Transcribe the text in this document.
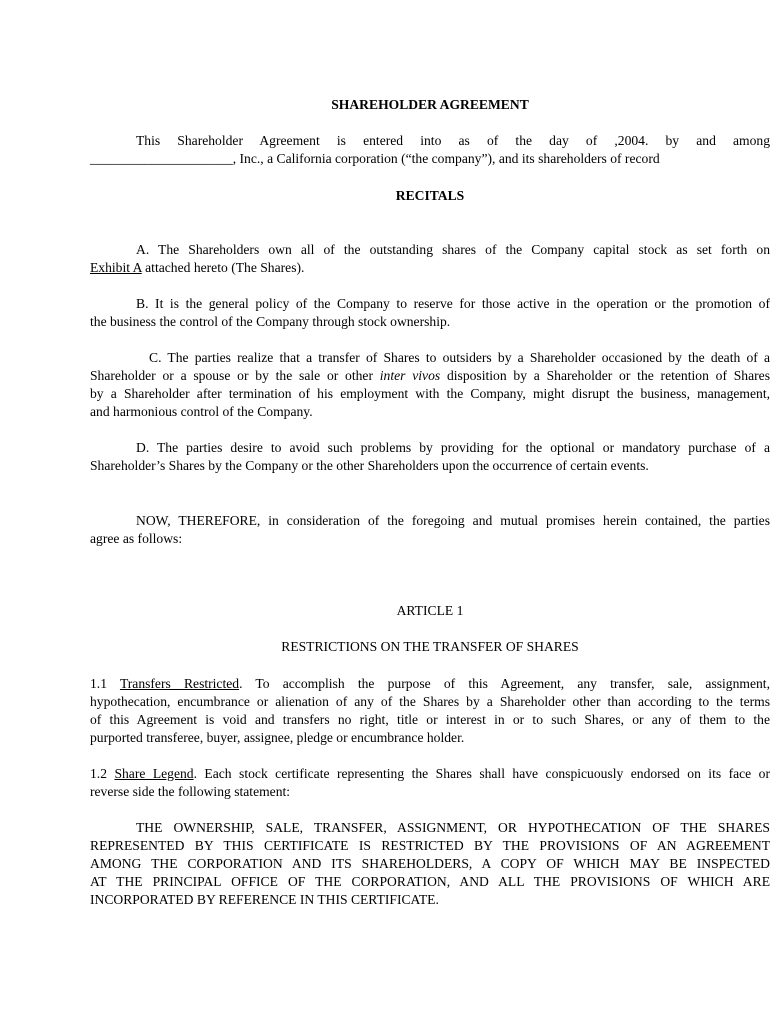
SHAREHOLDER AGREEMENT
This Shareholder Agreement is entered into as of the day of ,2004. by and among
_____________________, Inc., a California corporation (“the company”), and its shareholders of record
RECITALS
A. The Shareholders own all of the outstanding shares of the Company capital stock as set forth on
Exhibit A attached hereto (The Shares).
B. It is the general policy of the Company to reserve for those active in the operation or the promotion of
the business the control of the Company through stock ownership.
C. The parties realize that a transfer of Shares to outsiders by a Shareholder occasioned by the death of a
Shareholder or a spouse or by the sale or other inter vivos disposition by a Shareholder or the retention of Shares
by a Shareholder after termination of his employment with the Company, might disrupt the business, management,
and harmonious control of the Company.
D. The parties desire to avoid such problems by providing for the optional or mandatory purchase of a
Shareholder’s Shares by the Company or the other Shareholders upon the occurrence of certain events.
NOW, THEREFORE, in consideration of the foregoing and mutual promises herein contained, the parties
agree as follows:
ARTICLE 1
RESTRICTIONS ON THE TRANSFER OF SHARES
1.1 Transfers Restricted. To accomplish the purpose of this Agreement, any transfer, sale, assignment,
hypothecation, encumbrance or alienation of any of the Shares by a Shareholder other than according to the terms
of this Agreement is void and transfers no right, title or interest in or to such Shares, or any of them to the
purported transferee, buyer, assignee, pledge or encumbrance holder.
1.2 Share Legend. Each stock certificate representing the Shares shall have conspicuously endorsed on its face or
reverse side the following statement:
THE OWNERSHIP, SALE, TRANSFER, ASSIGNMENT, OR HYPOTHECATION OF THE SHARES
REPRESENTED BY THIS CERTIFICATE IS RESTRICTED BY THE PROVISIONS OF AN AGREEMENT
AMONG THE CORPORATION AND ITS SHAREHOLDERS, A COPY OF WHICH MAY BE INSPECTED
AT THE PRINCIPAL OFFICE OF THE CORPORATION, AND ALL THE PROVISIONS OF WHICH ARE
INCORPORATED BY REFERENCE IN THIS CERTIFICATE.
